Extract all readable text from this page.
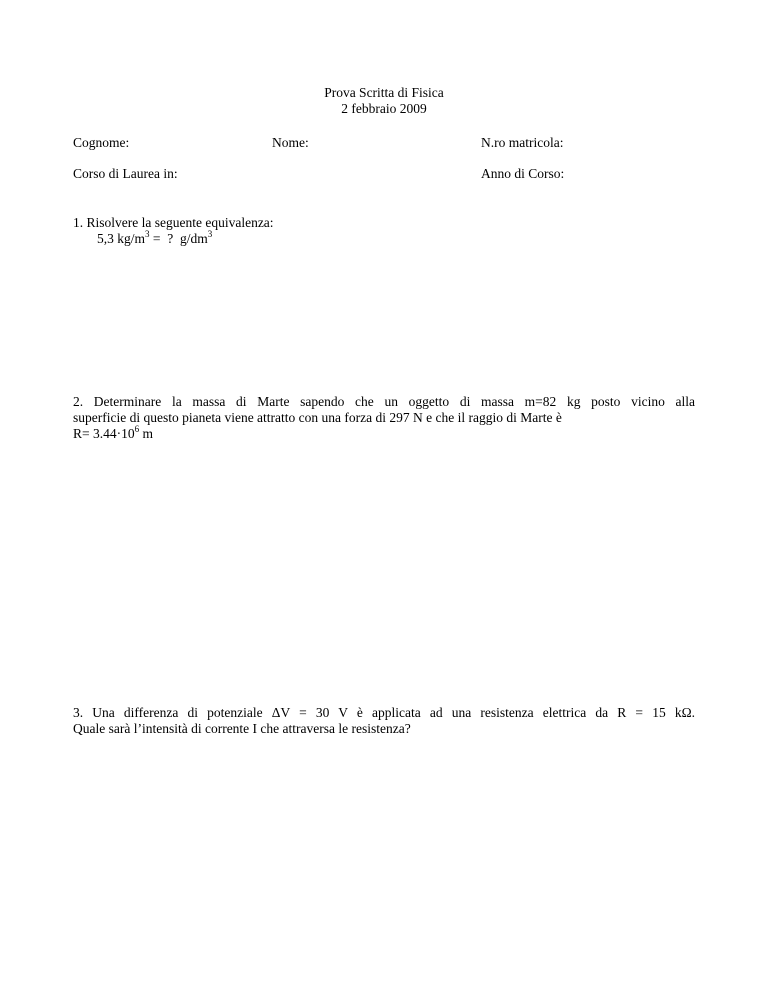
Prova Scritta di Fisica
2 febbraio 2009
Cognome:	Nome:	N.ro matricola:
Corso di Laurea in:	Anno di Corso:
1. Risolvere la seguente equivalenza:
5,3 $kg/m^3$ =  ?  $g/dm^3$
2. Determinare la massa di Marte sapendo che un oggetto di massa m=82 kg posto vicino alla
superficie di questo pianeta viene attratto con una forza di 297 N e che il raggio di Marte è
$R= 3.44\cdot 10^6$ m
3. Una differenza di potenziale ΔV = 30 V è applicata ad una resistenza elettrica da R = 15 kΩ.
Quale sarà l’intensità di corrente I che attraversa le resistenza?
